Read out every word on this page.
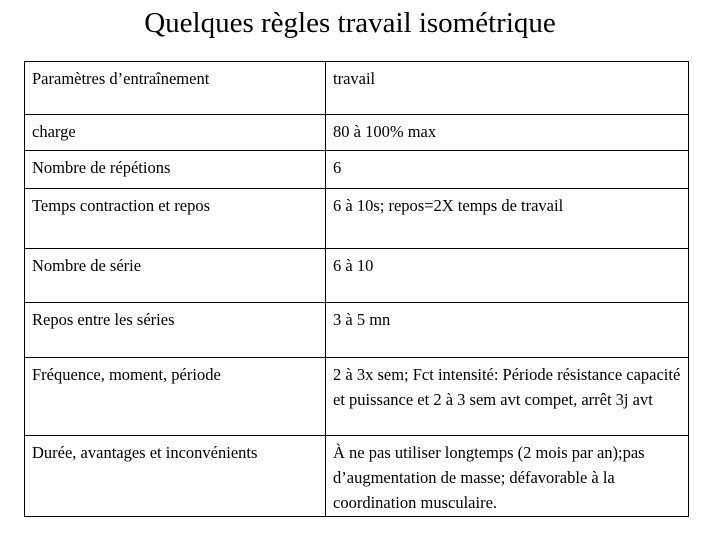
Quelques règles travail isométrique
Paramètres d’entraînement	travail
charge	80 à 100% max
Nombre de répétions	6
Temps contraction et repos	6 à 10s; repos=2X temps de travail
Nombre de série	6 à 10
Repos entre les séries	3 à 5 mn
Fréquence, moment, période	2 à 3x sem; Fct intensité: Période résistance capacité et puissance et 2 à 3 sem avt compet, arrêt 3j avt
Durée, avantages et inconvénients	À ne pas utiliser longtemps (2 mois par an);pas d’augmentation de masse; défavorable à la coordination musculaire.
